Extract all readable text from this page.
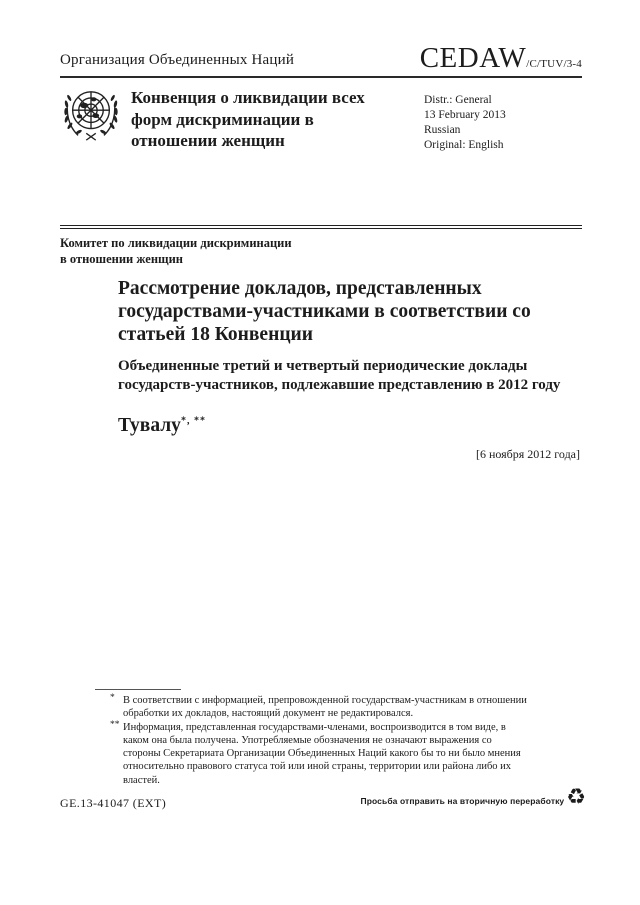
Организация Объединенных Наций	CEDAW /C/TUV/3-4
Конвенция о ликвидации всех форм дискриминации в отношении женщин
Distr.: General
13 February 2013
Russian
Original: English
Комитет по ликвидации дискриминации
в отношении женщин
Рассмотрение докладов, представленных государствами-участниками в соответствии со статьей 18 Конвенции
Объединенные третий и четвертый периодические доклады государств-участников, подлежавшие представлению в 2012 году
Тувалу*, **
[6 ноября 2012 года]
* В соответствии с информацией, препровожденной государствам-участникам в отношении обработки их докладов, настоящий документ не редактировался.
** Информация, представленная государствами-членами, воспроизводится в том виде, в каком она была получена. Употребляемые обозначения не означают выражения со стороны Секретариата Организации Объединенных Наций какого бы то ни было мнения относительно правового статуса той или иной страны, территории или района либо их властей.
GE.13-41047 (EXT)	Просьба отправить на вторичную переработку ♻
